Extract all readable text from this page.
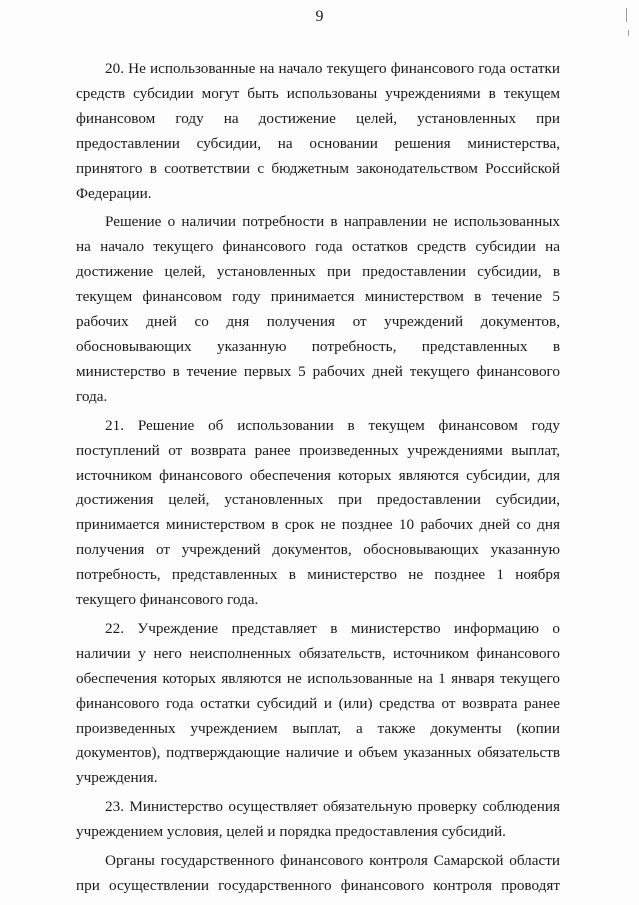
9

20. Не использованные на начало текущего финансового года остатки средств субсидии могут быть использованы учреждениями в текущем финансовом году на достижение целей, установленных при предоставлении субсидии, на основании решения министерства, принятого в соответствии с бюджетным законодательством Российской Федерации.

Решение о наличии потребности в направлении не использованных на начало текущего финансового года остатков средств субсидии на достижение целей, установленных при предоставлении субсидии, в текущем финансовом году принимается министерством в течение 5 рабочих дней со дня получения от учреждений документов, обосновывающих указанную потребность, представленных в министерство в течение первых 5 рабочих дней текущего финансового года.

21. Решение об использовании в текущем финансовом году поступлений от возврата ранее произведенных учреждениями выплат, источником финансового обеспечения которых являются субсидии, для достижения целей, установленных при предоставлении субсидии, принимается министерством в срок не позднее 10 рабочих дней со дня получения от учреждений документов, обосновывающих указанную потребность, представленных в министерство не позднее 1 ноября текущего финансового года.

22. Учреждение представляет в министерство информацию о наличии у него неисполненных обязательств, источником финансового обеспечения которых являются не использованные на 1 января текущего финансового года остатки субсидий и (или) средства от возврата ранее произведенных учреждением выплат, а также документы (копии документов), подтверждающие наличие и объем указанных обязательств учреждения.

23. Министерство осуществляет обязательную проверку соблюдения учреждением условия, целей и порядка предоставления субсидий.

Органы государственного финансового контроля Самарской области при осуществлении государственного финансового контроля проводят
